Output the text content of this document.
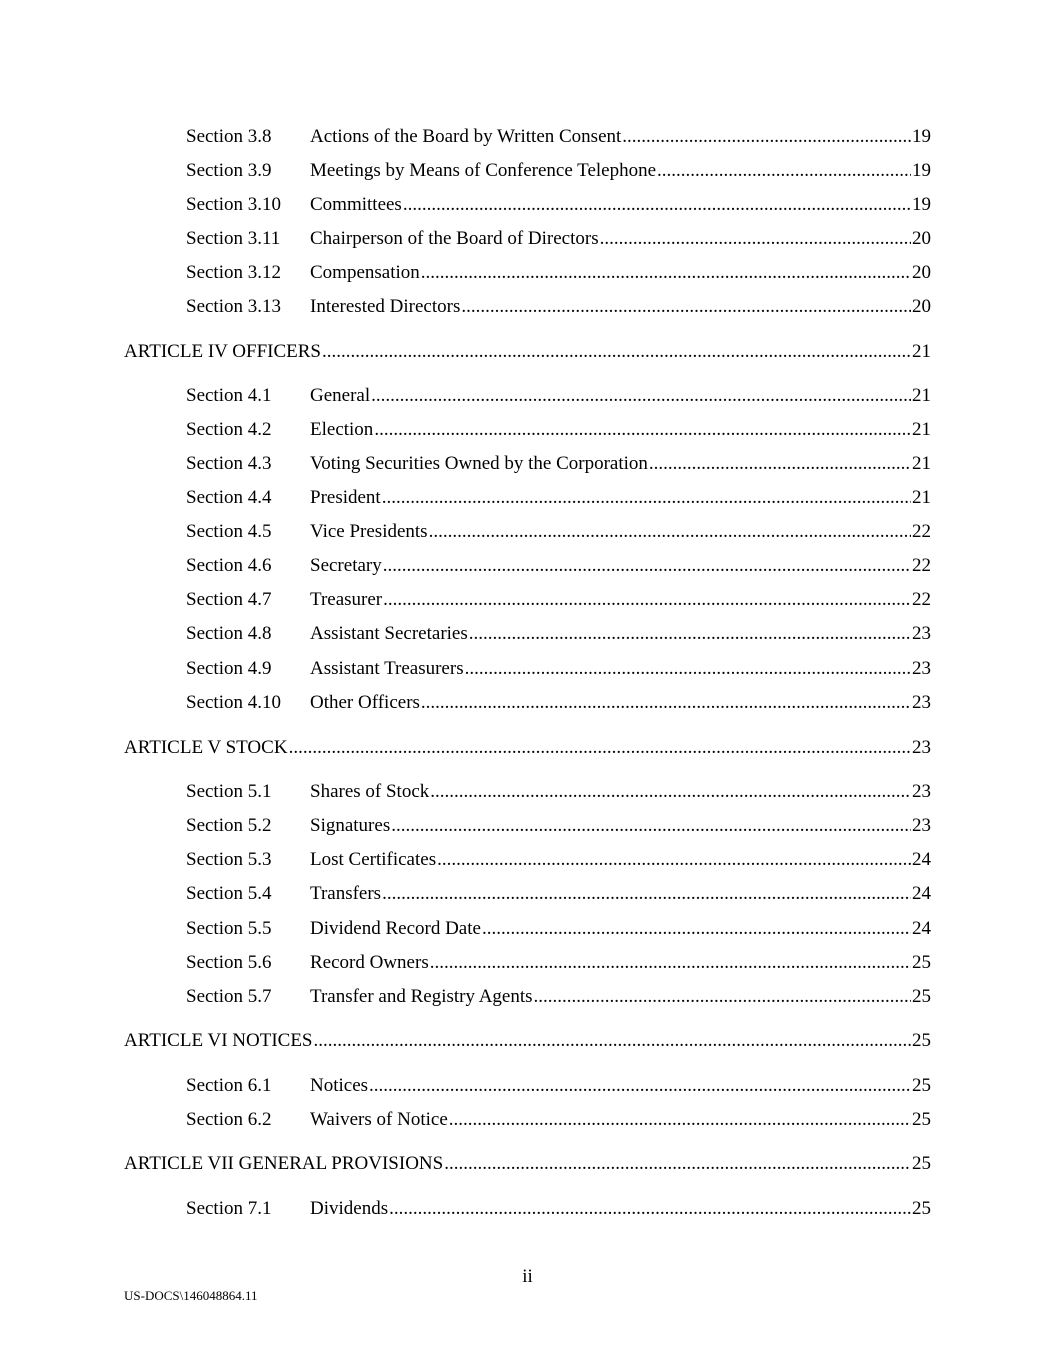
Section 3.8	Actions of the Board by Written Consent .....	19
Section 3.9	Meetings by Means of Conference Telephone .....	19
Section 3.10	Committees .....	19
Section 3.11	Chairperson of the Board of Directors .....	20
Section 3.12	Compensation .....	20
Section 3.13	Interested Directors .....	20
ARTICLE IV OFFICERS .....	21
Section 4.1	General .....	21
Section 4.2	Election .....	21
Section 4.3	Voting Securities Owned by the Corporation .....	21
Section 4.4	President .....	21
Section 4.5	Vice Presidents .....	22
Section 4.6	Secretary .....	22
Section 4.7	Treasurer .....	22
Section 4.8	Assistant Secretaries .....	23
Section 4.9	Assistant Treasurers .....	23
Section 4.10	Other Officers .....	23
ARTICLE V STOCK .....	23
Section 5.1	Shares of Stock .....	23
Section 5.2	Signatures .....	23
Section 5.3	Lost Certificates .....	24
Section 5.4	Transfers .....	24
Section 5.5	Dividend Record Date .....	24
Section 5.6	Record Owners .....	25
Section 5.7	Transfer and Registry Agents .....	25
ARTICLE VI NOTICES .....	25
Section 6.1	Notices .....	25
Section 6.2	Waivers of Notice .....	25
ARTICLE VII GENERAL PROVISIONS .....	25
Section 7.1	Dividends .....	25
ii
US-DOCS\146048864.11
